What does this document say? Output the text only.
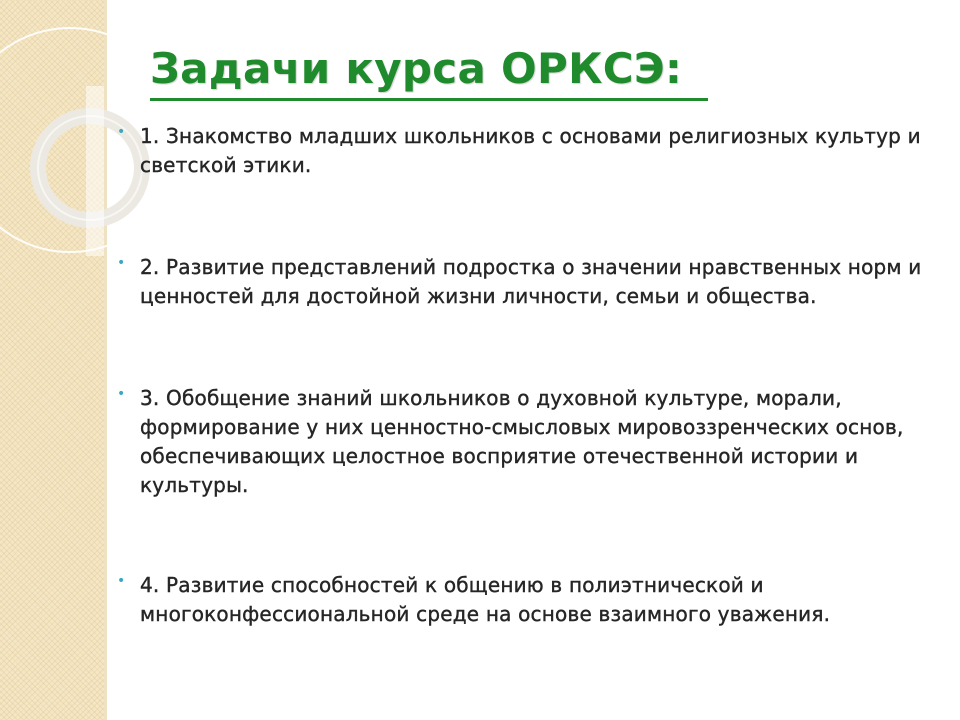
Задачи курса ОРКСЭ:
• 1. Знакомство младших школьников с основами религиозных культур и светской этики.
• 2. Развитие представлений подростка о значении нравственных норм и ценностей для достойной жизни личности, семьи и общества.
• 3. Обобщение знаний школьников о духовной культуре, морали, формирование у них ценностно-смысловых мировоззренческих основ, обеспечивающих целостное восприятие отечественной истории и культуры.
• 4. Развитие способностей к общению в полиэтнической и многоконфессиональной среде на основе взаимного уважения.
